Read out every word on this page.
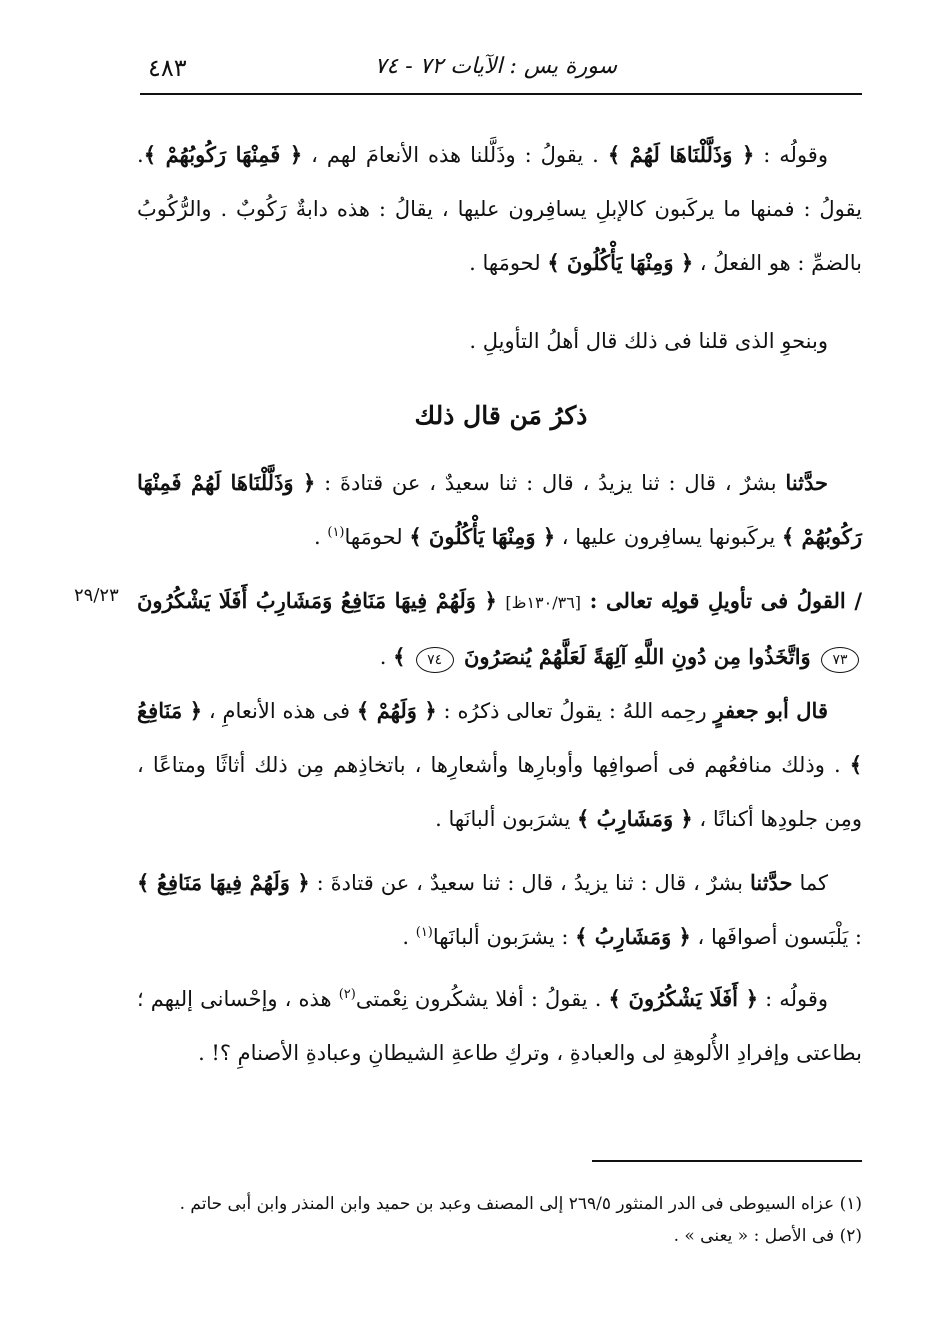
٤٨٣	سورة يس : الآيات ٧٢ - ٧٤

وقولُه : ﴿ وَذَلَّلْنَاهَا لَهُمْ ﴾ . يقولُ : وذَلَّلنا هذه الأنعامَ لهم ، ﴿ فَمِنْهَا رَكُوبُهُمْ ﴾. يقولُ : فمنها ما يركَبون كالإبلِ يسافِرون عليها ، يقالُ : هذه دابةٌ رَكُوبٌ . والرُّكُوبُ بالضمِّ : هو الفعلُ ، ﴿ وَمِنْهَا يَأْكُلُونَ ﴾ لحومَها .

وبنحوِ الذى قلنا فى ذلك قال أهلُ التأويلِ .

ذكرُ مَن قال ذلك

حدَّثنا بشرٌ ، قال : ثنا يزيدُ ، قال : ثنا سعيدٌ ، عن قتادةَ : ﴿ وَذَلَّلْنَاهَا لَهُمْ فَمِنْهَا رَكُوبُهُمْ ﴾ يركَبونها يسافِرون عليها ، ﴿ وَمِنْهَا يَأْكُلُونَ ﴾ لحومَها$^{(١)}$ .

٢٩/٢٣	/ القولُ فى تأويلِ قولِه تعالى : [١٣٠/٣٦ظ] ﴿ وَلَهُمْ فِيهَا مَنَافِعُ وَمَشَارِبُ أَفَلَا يَشْكُرُونَ ٧٣ وَاتَّخَذُوا مِن دُونِ اللَّهِ آلِهَةً لَعَلَّهُمْ يُنصَرُونَ ٧٤ ﴾ .

قال أبو جعفرٍ رحِمه اللهُ : يقولُ تعالى ذكرُه : ﴿ وَلَهُمْ ﴾ فى هذه الأنعامِ ، ﴿ مَنَافِعُ ﴾ . وذلك منافعُهم فى أصوافِها وأوبارِها وأشعارِها ، باتخاذِهم مِن ذلك أثاثًا ومتاعًا ، ومِن جلودِها أكنانًا ، ﴿ وَمَشَارِبُ ﴾ يشرَبون ألبانَها .

كما حدَّثنا بشرٌ ، قال : ثنا يزيدُ ، قال : ثنا سعيدٌ ، عن قتادةَ : ﴿ وَلَهُمْ فِيهَا مَنَافِعُ ﴾ : يَلْبَسون أصوافَها ، ﴿ وَمَشَارِبُ ﴾ : يشرَبون ألبانَها$^{(١)}$ .

وقولُه : ﴿ أَفَلَا يَشْكُرُونَ ﴾ . يقولُ : أفلا يشكُرون نِعْمتى$^{(٢)}$ هذه ، وإحْسانى إليهم ؛ بطاعتى وإفرادِ الأُلوهةِ لى والعبادةِ ، وتركِ طاعةِ الشيطانِ وعبادةِ الأصنامِ ؟! .

(١) عزاه السيوطى فى الدر المنثور ٢٦٩/٥ إلى المصنف وعبد بن حميد وابن المنذر وابن أبى حاتم .
(٢) فى الأصل : « يعنى » .
